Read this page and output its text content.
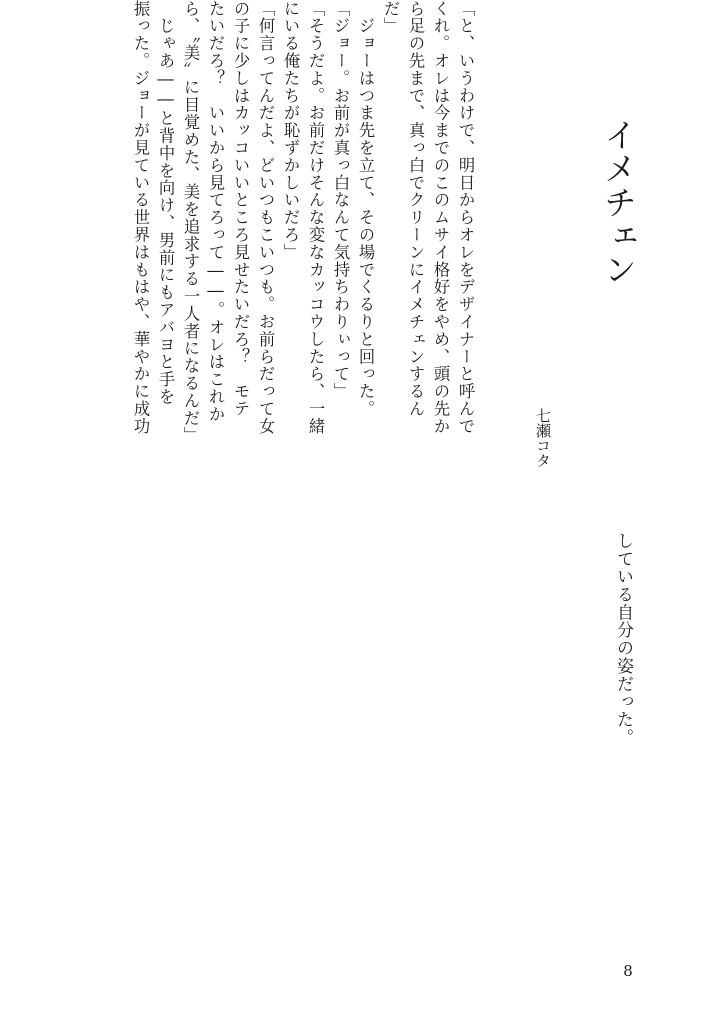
イメチェン
七瀬コタ
している自分の姿だった。
「と、いうわけで、明日からオレをデザイナーと呼んで
くれ。オレは今までのこのムサイ格好をやめ、頭の先か
ら足の先まで、真っ白でクリーンにイメチェンするん
だ」
　ジョーはつま先を立て、その場でくるりと回った。
「ジョー。お前が真っ白なんて気持ちわりぃって」
「そうだよ。お前だけそんな変なカッコウしたら、一緒
にいる俺たちが恥ずかしいだろ」
「何言ってんだよ、どいつもこいつも。お前らだって女
の子に少しはカッコいいところ見せたいだろ？　モテ
たいだろ？　いいから見てろって――。オレはこれか
ら、〝美〟に目覚めた、美を追求する一人者になるんだ」
　じゃあ――と背中を向け、男前にもアバヨと手を
振った。ジョーが見ている世界はもはや、華やかに成功
8
